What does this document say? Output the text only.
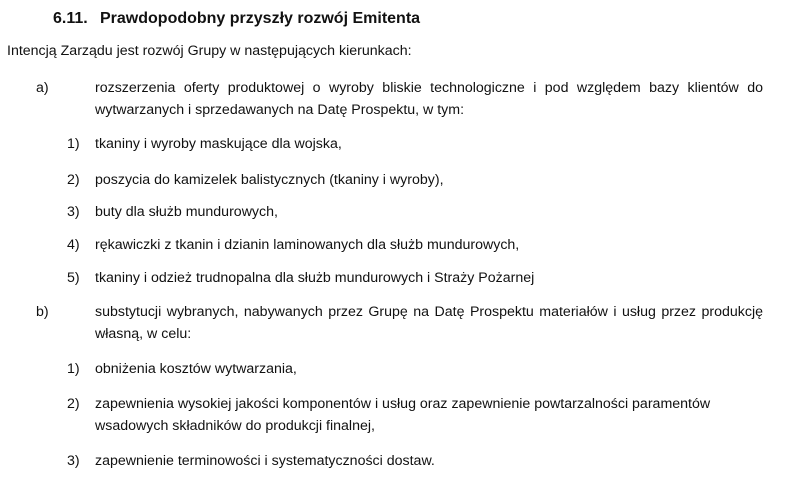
6.11. Prawdopodobny przyszły rozwój Emitenta
Intencją Zarządu jest rozwój Grupy w następujących kierunkach:
a)	rozszerzenia oferty produktowej o wyroby bliskie technologiczne i pod względem bazy klientów do wytwarzanych i sprzedawanych na Datę Prospektu, w tym:
1)	tkaniny i wyroby maskujące dla wojska,
2)	poszycia do kamizelek balistycznych (tkaniny i wyroby),
3)	buty dla służb mundurowych,
4)	rękawiczki z tkanin i dzianin laminowanych dla służb mundurowych,
5)	tkaniny i odzież trudnopalna dla służb mundurowych i Straży Pożarnej
b)	substytucji wybranych, nabywanych przez Grupę na Datę Prospektu materiałów i usług przez produkcję własną, w celu:
1)	obniżenia kosztów wytwarzania,
2)	zapewnienia wysokiej jakości komponentów i usług oraz zapewnienie powtarzalności paramentów wsadowych składników do produkcji finalnej,
3)	zapewnienie terminowości i systematyczności dostaw.
